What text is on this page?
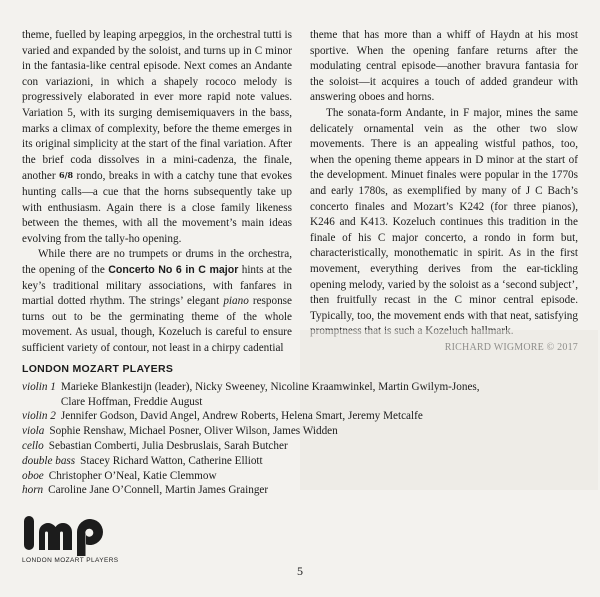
theme, fuelled by leaping arpeggios, in the orchestral tutti is varied and expanded by the soloist, and turns up in C minor in the fantasia-like central episode. Next comes an Andante con variazioni, in which a shapely rococo melody is progressively elaborated in ever more rapid note values. Variation 5, with its surging demisemiquavers in the bass, marks a climax of complexity, before the theme emerges in its original simplicity at the start of the final variation. After the brief coda dissolves in a mini-cadenza, the finale, another 6/8 rondo, breaks in with a catchy tune that evokes hunting calls—a cue that the horns subsequently take up with enthusiasm. Again there is a close family likeness between the themes, with all the movement’s main ideas evolving from the tally-ho opening.

While there are no trumpets or drums in the orchestra, the opening of the Concerto No 6 in C major hints at the key’s traditional military associations, with fanfares in martial dotted rhythm. The strings’ elegant piano response turns out to be the germinating theme of the whole movement. As usual, though, Kozeluch is careful to ensure sufficient variety of contour, not least in a chirpy cadential

theme that has more than a whiff of Haydn at his most sportive. When the opening fanfare returns after the modulating central episode—another bravura fantasia for the soloist—it acquires a touch of added grandeur with answering oboes and horns.

The sonata-form Andante, in F major, mines the same delicately ornamental vein as the other two slow movements. There is an appealing wistful pathos, too, when the opening theme appears in D minor at the start of the development. Minuet finales were popular in the 1770s and early 1780s, as exemplified by many of J C Bach’s concerto finales and Mozart’s K242 (for three pianos), K246 and K413. Kozeluch continues this tradition in the finale of his C major concerto, a rondo in form but, characteristically, monothematic in spirit. As in the first movement, everything derives from the ear-tickling opening melody, varied by the soloist as a ‘second subject’, then fruitfully recast in the C minor central episode. Typically, too, the movement ends with that neat, satisfying

LONDON MOZART PLAYERS
violin 1 Marieke Blankestijn (leader), Nicky Sweeney, Nicoline Kraamwinkel, Martin Gwilym-Jones, Clare Hoffman, Freddie August
violin 2 Jennifer Godson, David Angel, Andrew Roberts, Helena Smart, Jeremy Metcalfe
viola Sophie Renshaw, Michael Posner, Oliver Wilson, James Widden
cello Sebastian Comberti, Julia Desbruslais, Sarah Butcher
double bass Stacey Richard Watton, Catherine Elliott
oboe Christopher O’Neal, Katie Clemmow
horn Caroline Jane O’Connell, Martin James Grainger
lmp
LONDON MOZART PLAYERS
5
